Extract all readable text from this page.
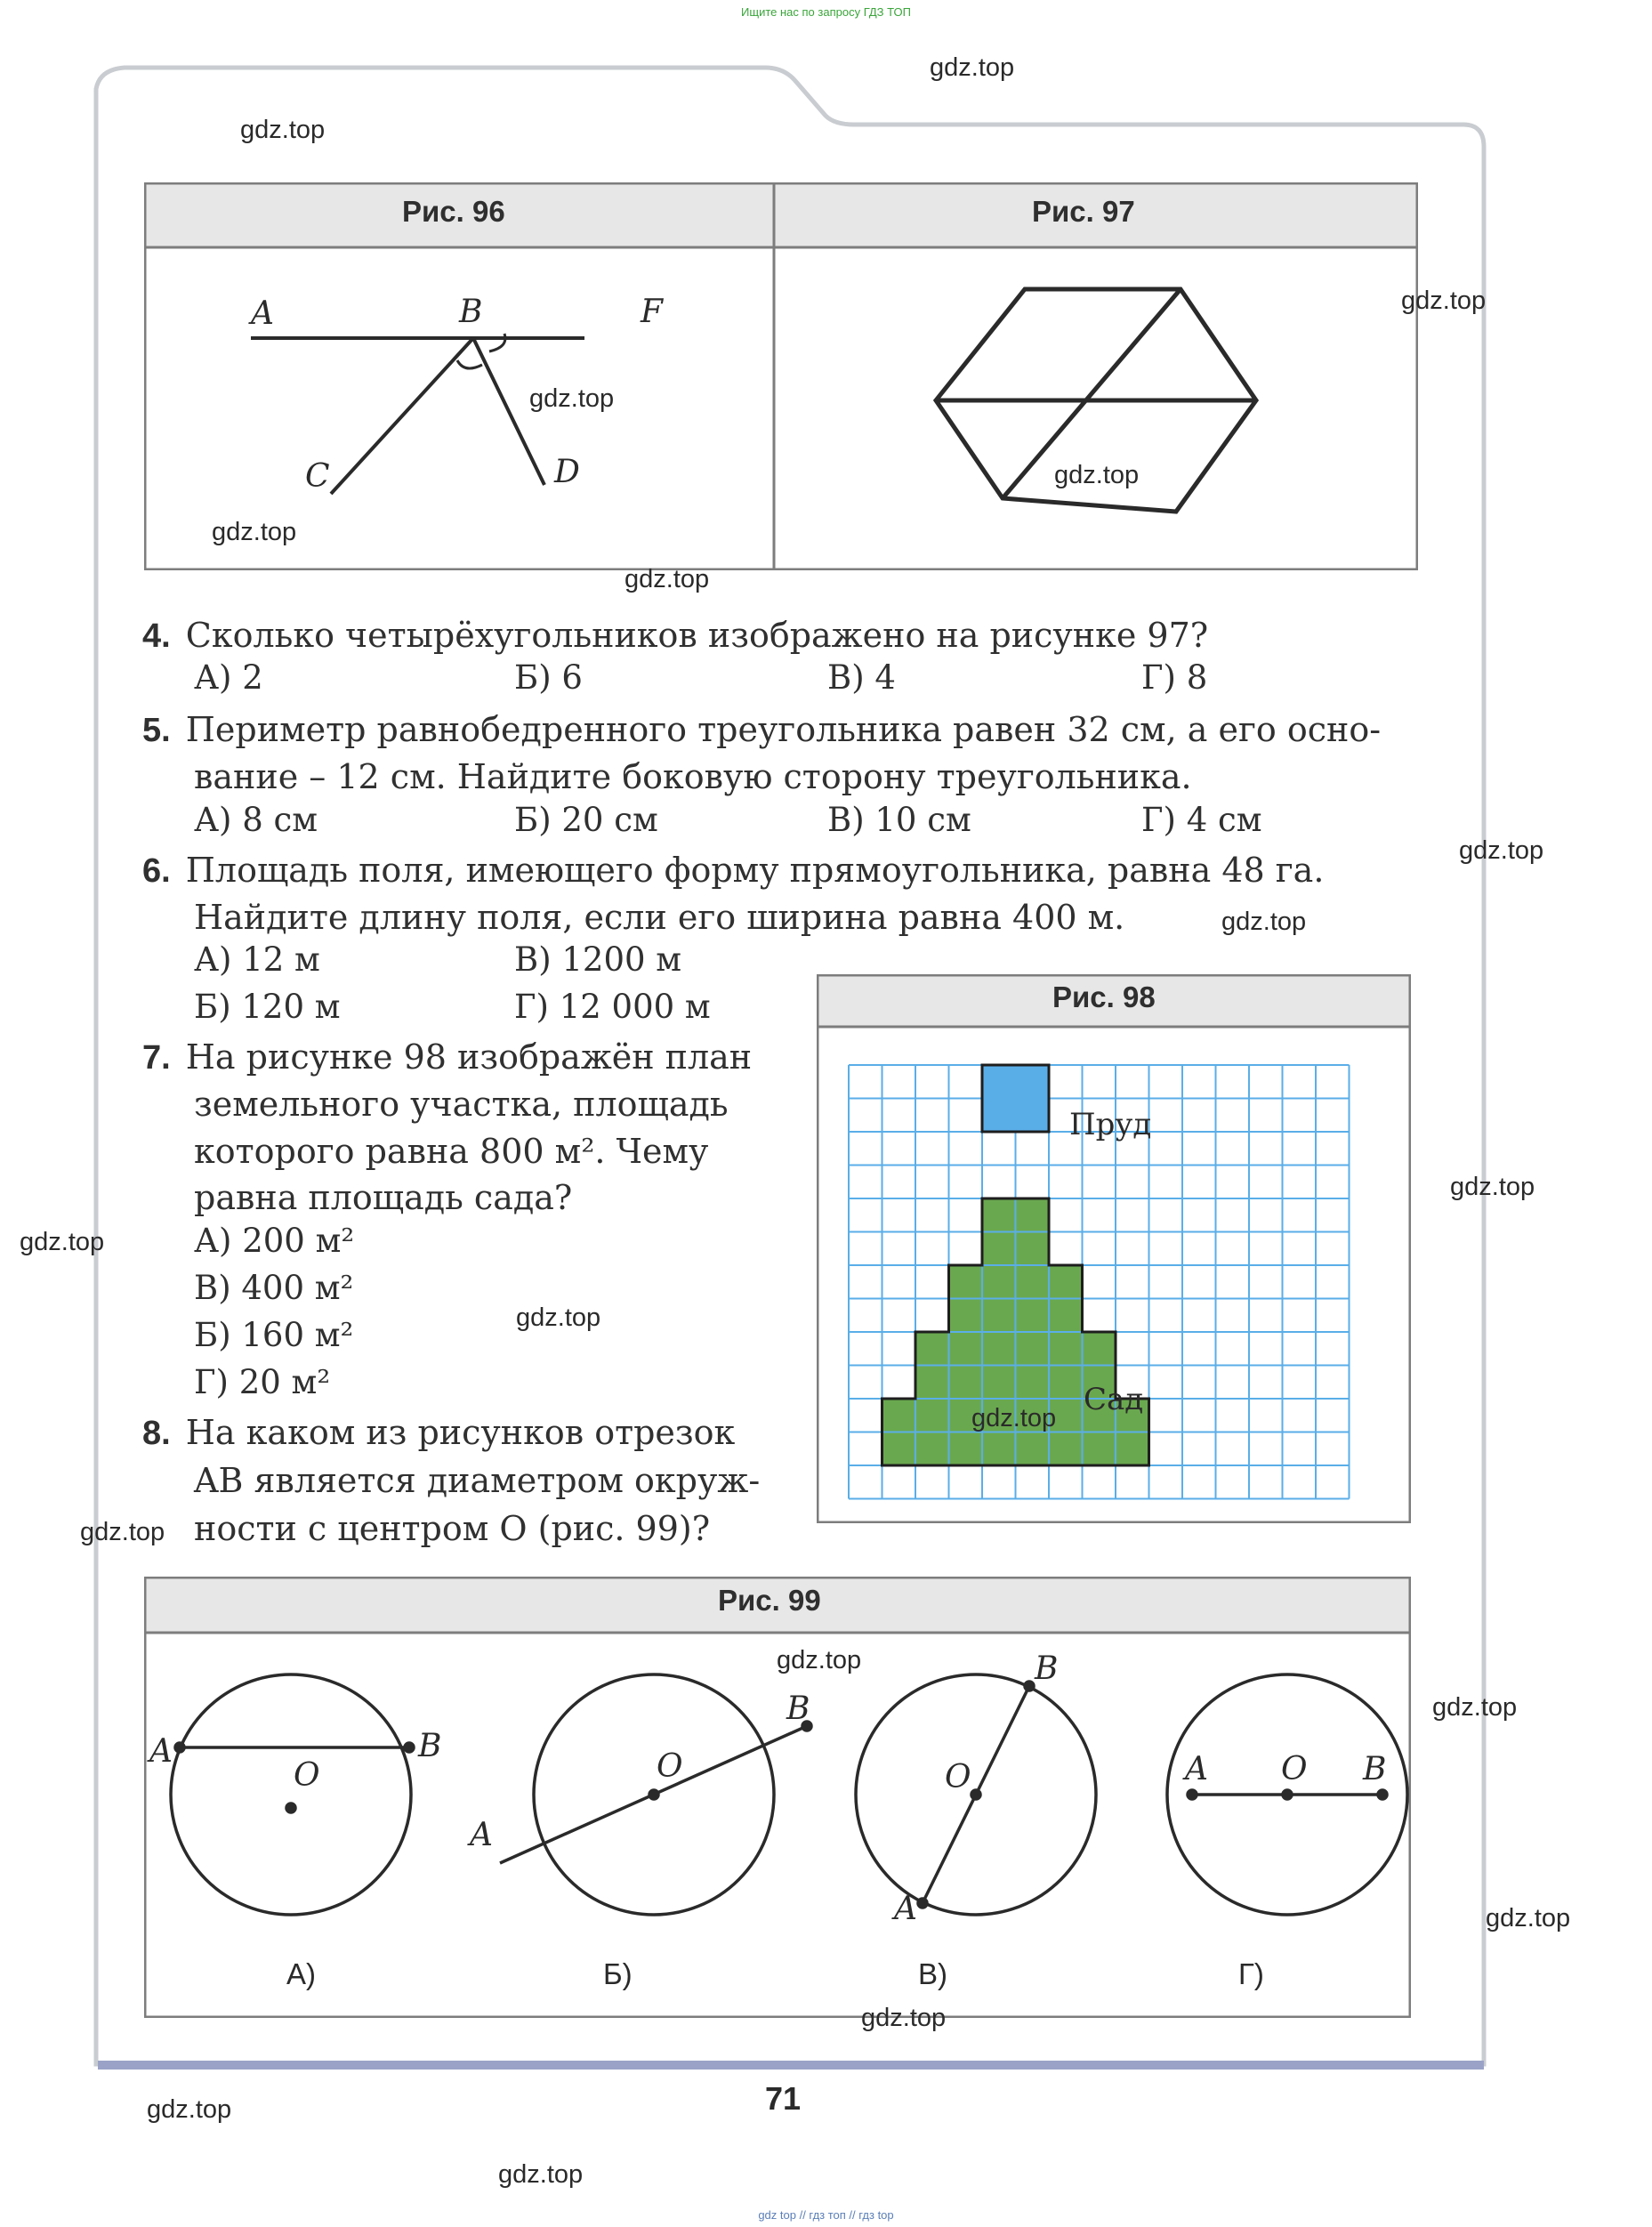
Ищите нас по запросу ГДЗ ТОП
gdz top // гдз топ // гдз top
Рис. 96	Рис. 97
A	B	F
C	D
4. Сколько четырёхугольников изображено на рисунке 97?
А) 2	Б) 6	В) 4	Г) 8
5. Периметр равнобедренного треугольника равен 32 см, а его осно-
вание – 12 см. Найдите боковую сторону треугольника.
А) 8 см	Б) 20 см	В) 10 см	Г) 4 см
6. Площадь поля, имеющего форму прямоугольника, равна 48 га.
Найдите длину поля, если его ширина равна 400 м.
А) 12 м	В) 1200 м
Б) 120 м	Г) 12 000 м
7. На рисунке 98 изображён план
земельного участка, площадь
которого равна 800 м². Чему
равна площадь сада?
А) 200 м²
В) 400 м²
Б) 160 м²
Г) 20 м²
8. На каком из рисунков отрезок
AB является диаметром окруж-
ности с центром O (рис. 99)?
Рис. 98
Пруд
Сад
Рис. 99
A	B
O
А)
A
B
O
Б)
A
B
O
В)
A	B
O
Г)
71
gdz.top
gdz.top
gdz.top
gdz.top
gdz.top
gdz.top
gdz.top
gdz.top
gdz.top
gdz.top
gdz.top
gdz.top
gdz.top
gdz.top
gdz.top
gdz.top
gdz.top
gdz.top
gdz.top
gdz.top
